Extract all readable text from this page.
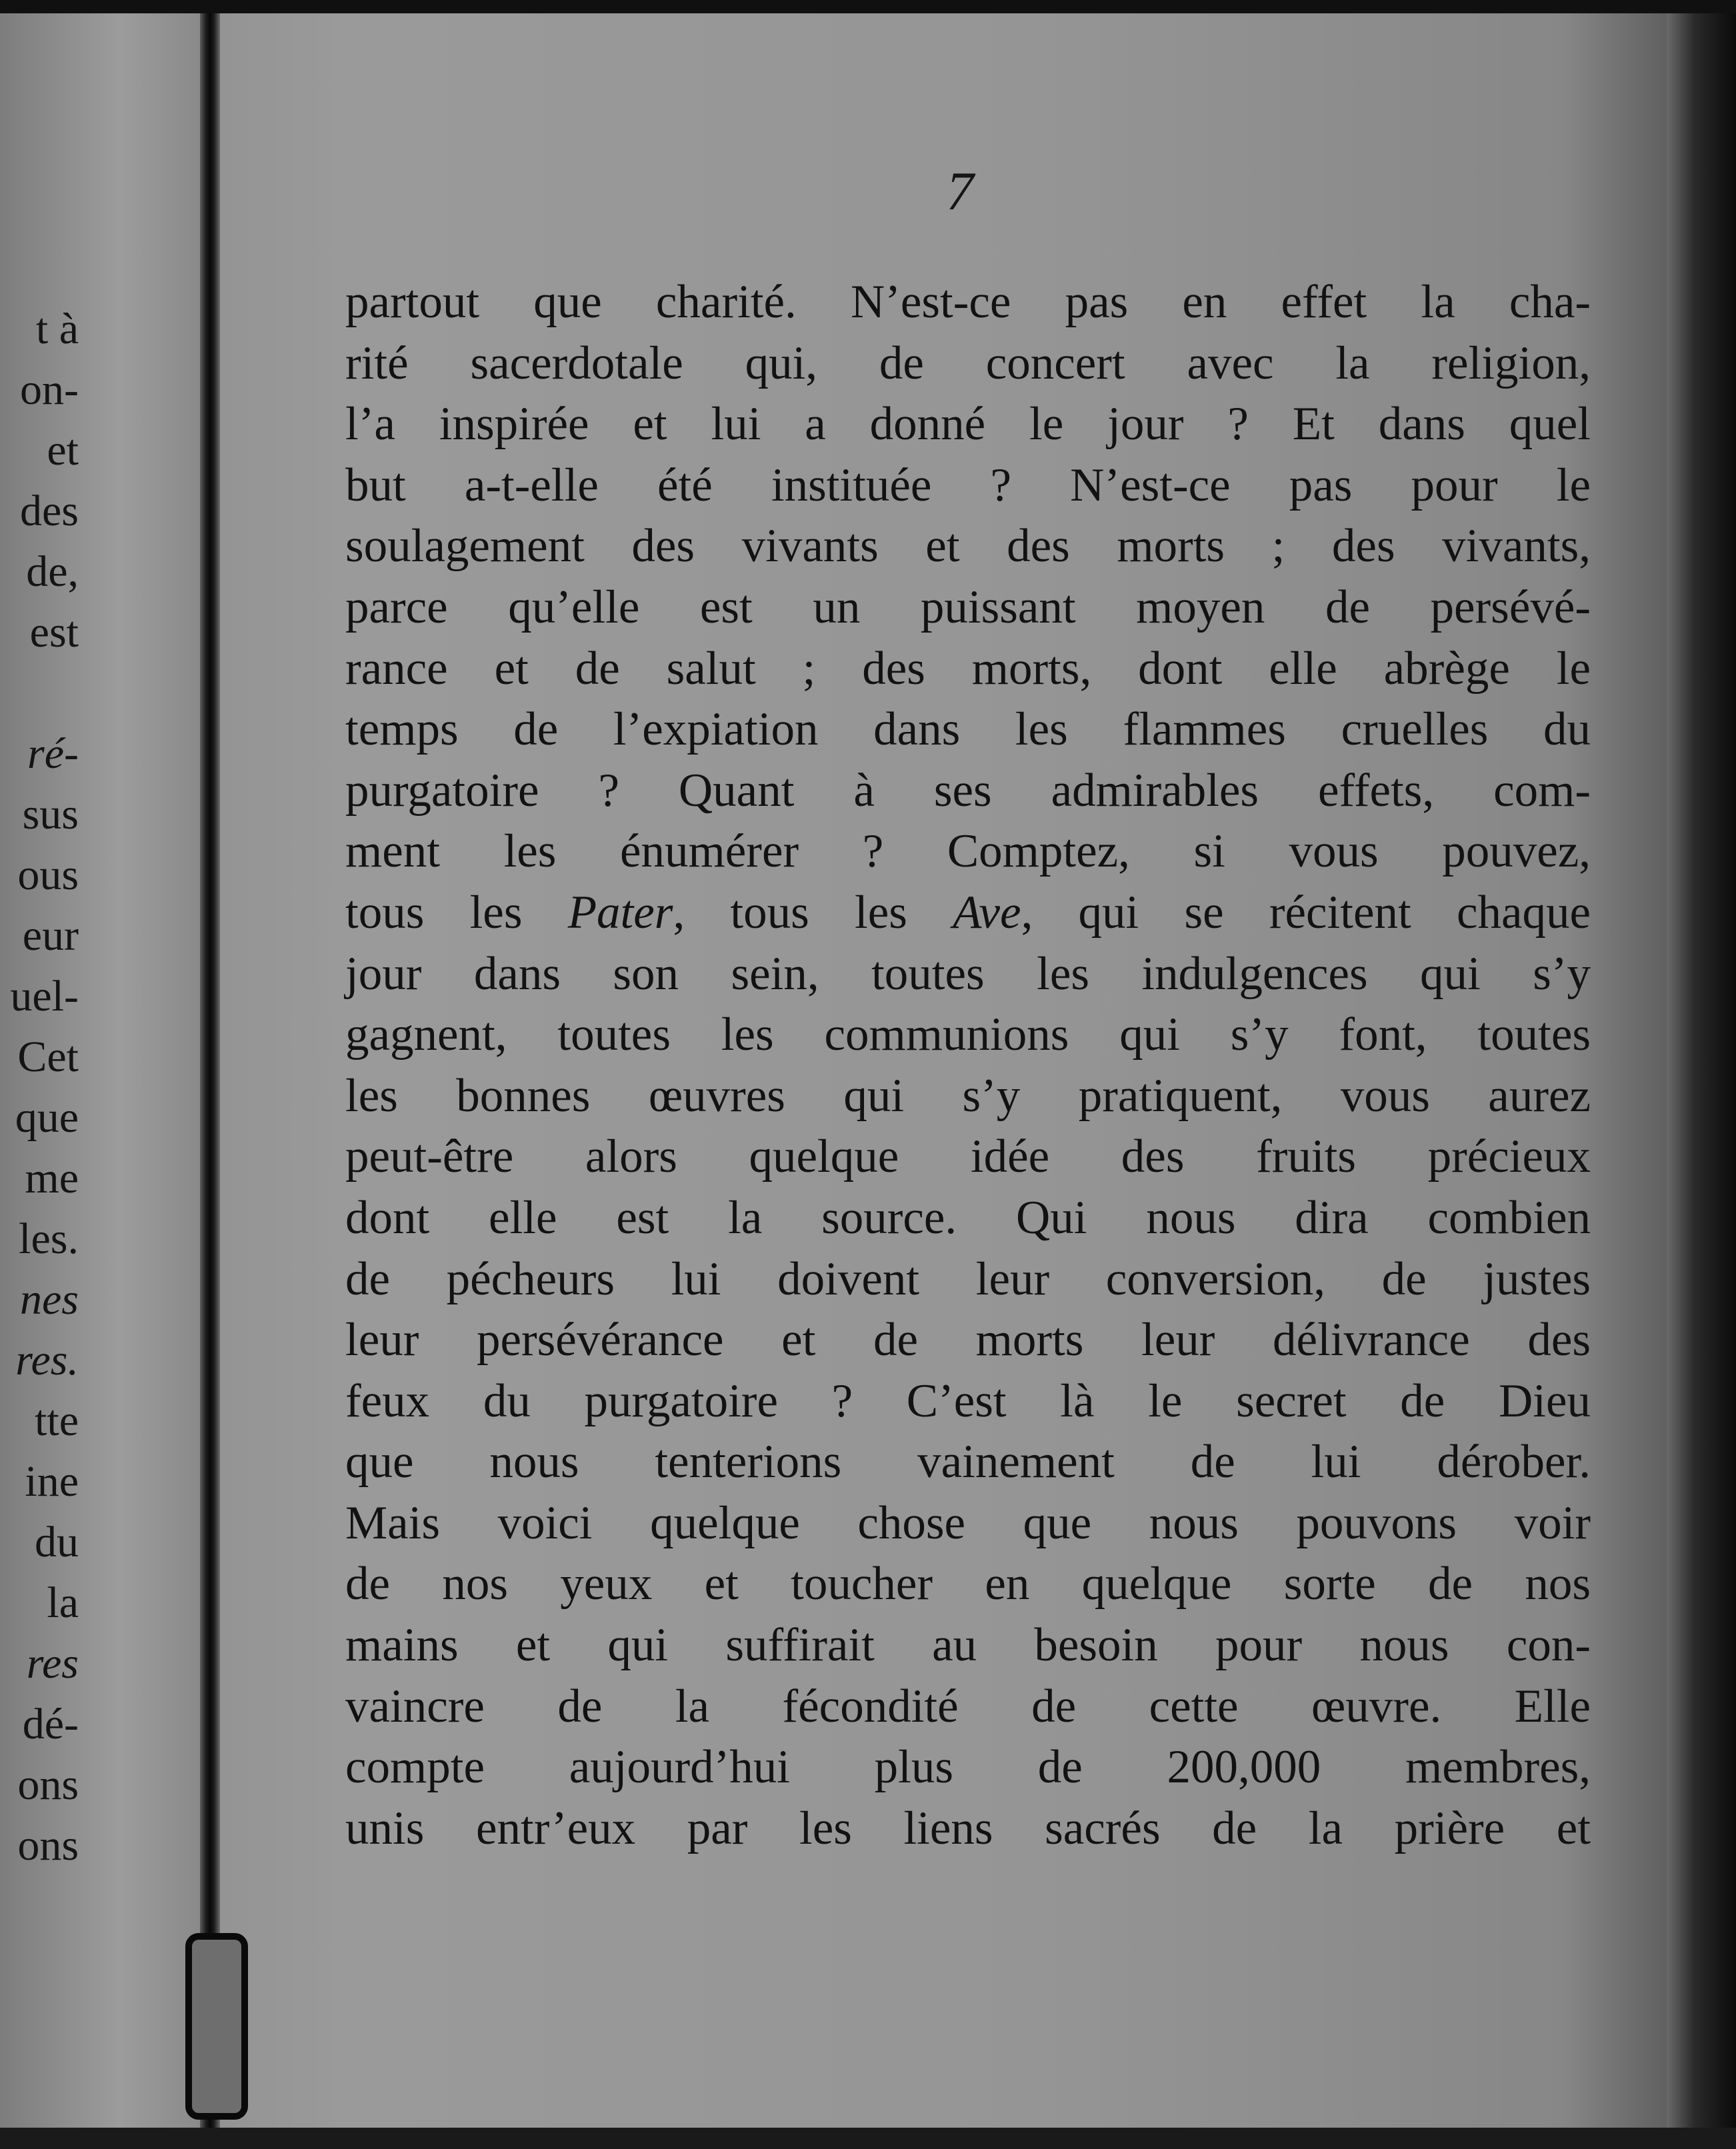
t à
on-
et
des
de,
est
ré-
sus
ous
eur
uel-
Cet
que
me
les.
nes
res.
tte
ine
du
la
res
dé-
ons
ons
7
partout que charité. N’est-ce pas en effet la cha-
rité sacerdotale qui, de concert avec la religion,
l’a inspirée et lui a donné le jour ? Et dans quel
but a-t-elle été instituée ? N’est-ce pas pour le
soulagement des vivants et des morts ; des vivants,
parce qu’elle est un puissant moyen de persévé-
rance et de salut ; des morts, dont elle abrège le
temps de l’expiation dans les flammes cruelles du
purgatoire ? Quant à ses admirables effets, com-
ment les énumérer ? Comptez, si vous pouvez,
tous les Pater, tous les Ave, qui se récitent chaque
jour dans son sein, toutes les indulgences qui s’y
gagnent, toutes les communions qui s’y font, toutes
les bonnes œuvres qui s’y pratiquent, vous aurez
peut-être alors quelque idée des fruits précieux
dont elle est la source. Qui nous dira combien
de pécheurs lui doivent leur conversion, de justes
leur persévérance et de morts leur délivrance des
feux du purgatoire ? C’est là le secret de Dieu
que nous tenterions vainement de lui dérober.
Mais voici quelque chose que nous pouvons voir
de nos yeux et toucher en quelque sorte de nos
mains et qui suffirait au besoin pour nous con-
vaincre de la fécondité de cette œuvre. Elle
compte aujourd’hui plus de 200,000 membres,
unis entr’eux par les liens sacrés de la prière et
